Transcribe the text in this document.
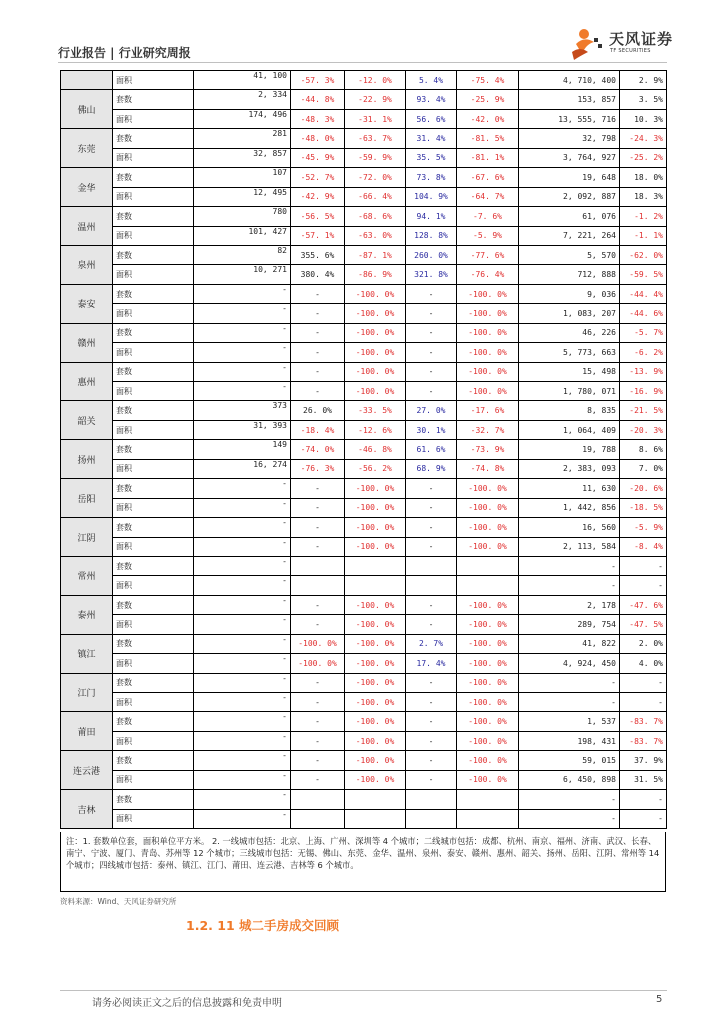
行业报告 | 行业研究周报
天风证券
TF SECURITIES
	面积	41, 100	-57. 3%	-12. 0%	5. 4%	-75. 4%	4, 710, 400	2. 9%
佛山	套数	2, 334	-44. 8%	-22. 9%	93. 4%	-25. 9%	153, 857	3. 5%
	面积	174, 496	-48. 3%	-31. 1%	56. 6%	-42. 0%	13, 555, 716	10. 3%
东莞	套数	281	-48. 0%	-63. 7%	31. 4%	-81. 5%	32, 798	-24. 3%
	面积	32, 857	-45. 9%	-59. 9%	35. 5%	-81. 1%	3, 764, 927	-25. 2%
金华	套数	107	-52. 7%	-72. 0%	73. 8%	-67. 6%	19, 648	18. 0%
	面积	12, 495	-42. 9%	-66. 4%	104. 9%	-64. 7%	2, 092, 887	18. 3%
温州	套数	780	-56. 5%	-68. 6%	94. 1%	-7. 6%	61, 076	-1. 2%
	面积	101, 427	-57. 1%	-63. 0%	128. 8%	-5. 9%	7, 221, 264	-1. 1%
泉州	套数	82	355. 6%	-87. 1%	260. 0%	-77. 6%	5, 570	-62. 0%
	面积	10, 271	380. 4%	-86. 9%	321. 8%	-76. 4%	712, 888	-59. 5%
泰安	套数	-	-	-100. 0%	-	-100. 0%	9, 036	-44. 4%
	面积	-	-	-100. 0%	-	-100. 0%	1, 083, 207	-44. 6%
赣州	套数	-	-	-100. 0%	-	-100. 0%	46, 226	-5. 7%
	面积	-	-	-100. 0%	-	-100. 0%	5, 773, 663	-6. 2%
惠州	套数	-	-	-100. 0%	-	-100. 0%	15, 498	-13. 9%
	面积	-	-	-100. 0%	-	-100. 0%	1, 780, 071	-16. 9%
韶关	套数	373	26. 0%	-33. 5%	27. 0%	-17. 6%	8, 835	-21. 5%
	面积	31, 393	-18. 4%	-12. 6%	30. 1%	-32. 7%	1, 064, 409	-20. 3%
扬州	套数	149	-74. 0%	-46. 8%	61. 6%	-73. 9%	19, 788	8. 6%
	面积	16, 274	-76. 3%	-56. 2%	68. 9%	-74. 8%	2, 383, 093	7. 0%
岳阳	套数	-	-	-100. 0%	-	-100. 0%	11, 630	-20. 6%
	面积	-	-	-100. 0%	-	-100. 0%	1, 442, 856	-18. 5%
江阴	套数	-	-	-100. 0%	-	-100. 0%	16, 560	-5. 9%
	面积	-	-	-100. 0%	-	-100. 0%	2, 113, 584	-8. 4%
常州	套数	-					-	-
	面积	-					-	-
泰州	套数	-	-	-100. 0%	-	-100. 0%	2, 178	-47. 6%
	面积	-	-	-100. 0%	-	-100. 0%	289, 754	-47. 5%
镇江	套数	-	-100. 0%	-100. 0%	2. 7%	-100. 0%	41, 822	2. 0%
	面积	-	-100. 0%	-100. 0%	17. 4%	-100. 0%	4, 924, 450	4. 0%
江门	套数	-	-	-100. 0%	-	-100. 0%	-	-
	面积	-	-	-100. 0%	-	-100. 0%	-	-
莆田	套数	-	-	-100. 0%	-	-100. 0%	1, 537	-83. 7%
	面积	-	-	-100. 0%	-	-100. 0%	198, 431	-83. 7%
连云港	套数	-	-	-100. 0%	-	-100. 0%	59, 015	37. 9%
	面积	-	-	-100. 0%	-	-100. 0%	6, 450, 898	31. 5%
吉林	套数	-					-	-
	面积	-					-	-
注：1. 套数单位套，面积单位平方米。 2. 一线城市包括：北京、上海、广州、深圳等 4 个城市；二线城市包括：成都、杭州、南京、福州、济南、武汉、长春、南宁、宁波、厦门、青岛、苏州等 12 个城市；三线城市包括：无锡、佛山、东莞、金华、温州、泉州、泰安、赣州、惠州、韶关、扬州、岳阳、江阴、常州等 14 个城市；四线城市包括：泰州、镇江、江门、莆田、连云港、吉林等 6 个城市。
资料来源：Wind、天风证券研究所
1.2. 11 城二手房成交回顾
请务必阅读正文之后的信息披露和免责申明	5
